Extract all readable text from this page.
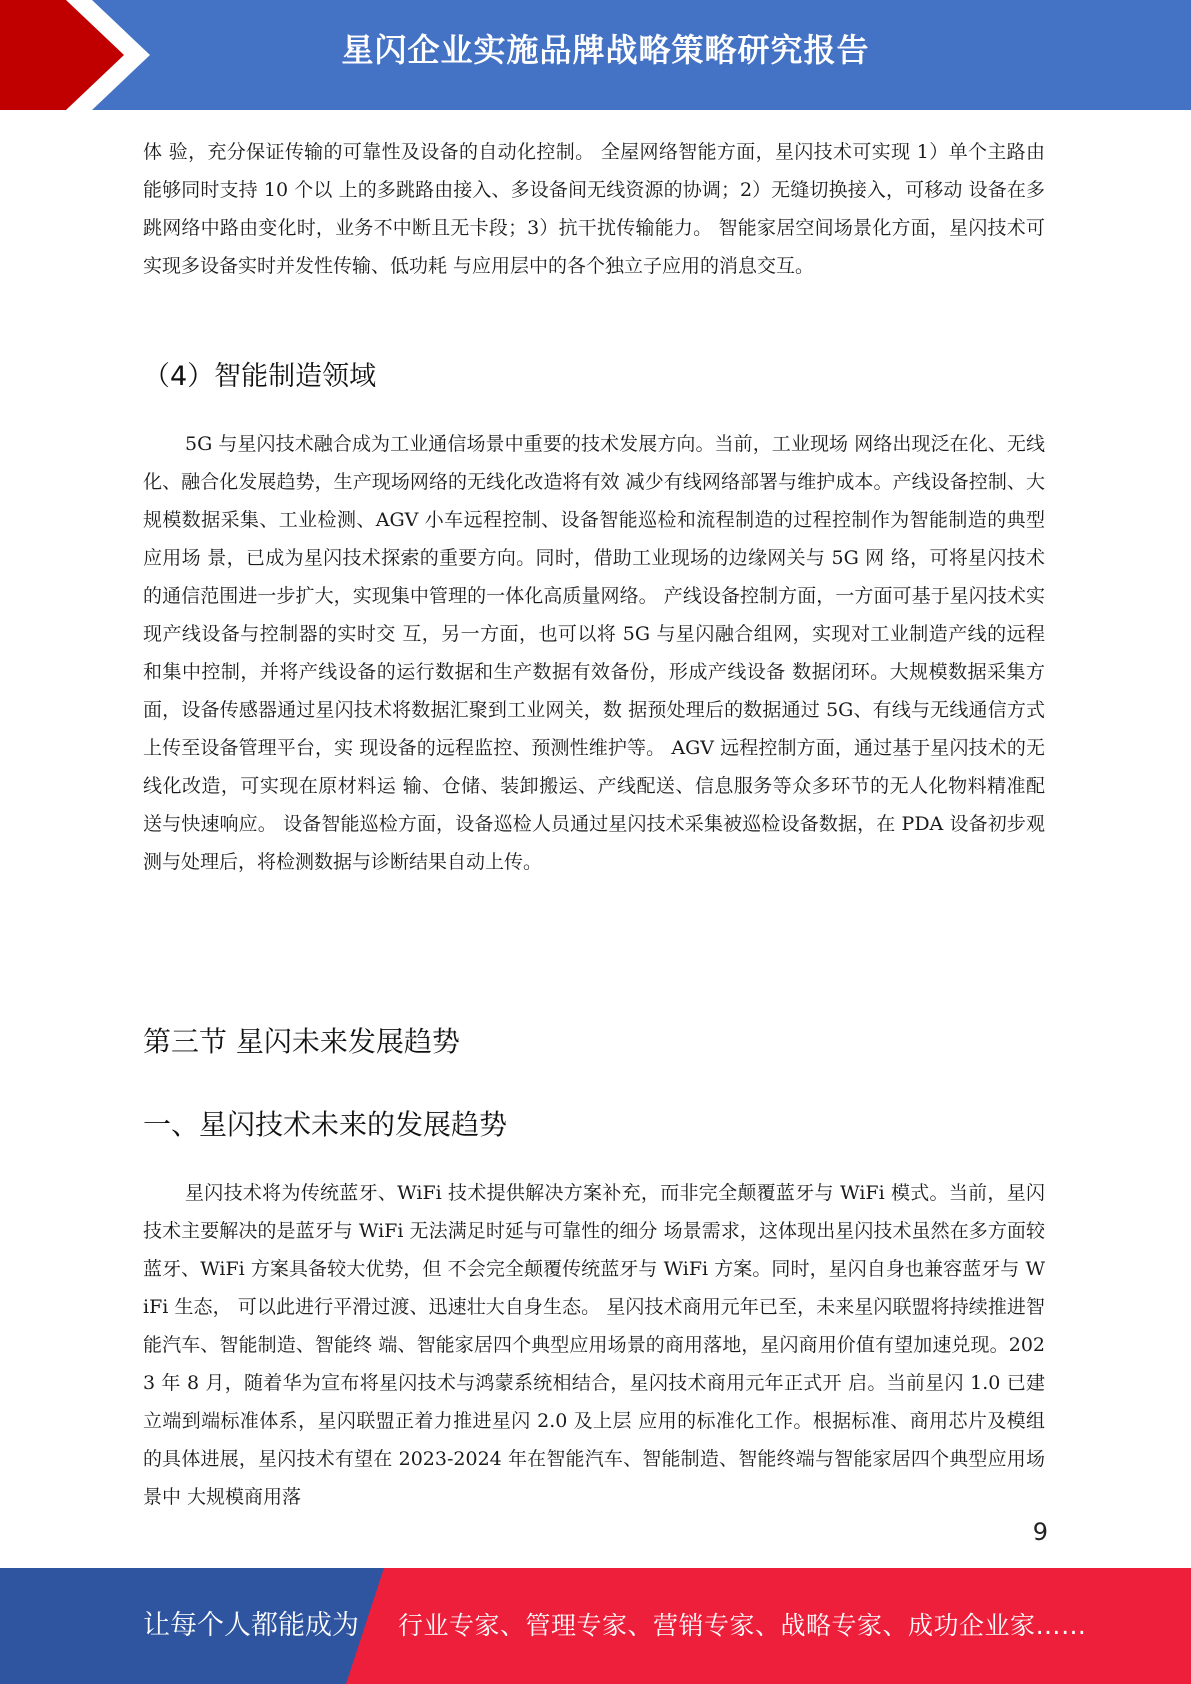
星闪企业实施品牌战略策略研究报告

体 验，充分保证传输的可靠性及设备的自动化控制。 全屋网络智能方面，星闪技术可实现 1）单个主路由能够同时支持 10 个以 上的多跳路由接入、多设备间无线资源的协调；2）无缝切换接入，可移动 设备在多跳网络中路由变化时，业务不中断且无卡段；3）抗干扰传输能力。 智能家居空间场景化方面，星闪技术可实现多设备实时并发性传输、低功耗 与应用层中的各个独立子应用的消息交互。

（4）智能制造领域

5G 与星闪技术融合成为工业通信场景中重要的技术发展方向。当前，工业现场 网络出现泛在化、无线化、融合化发展趋势，生产现场网络的无线化改造将有效 减少有线网络部署与维护成本。产线设备控制、大规模数据采集、工业检测、AGV 小车远程控制、设备智能巡检和流程制造的过程控制作为智能制造的典型应用场 景，已成为星闪技术探索的重要方向。同时，借助工业现场的边缘网关与 5G 网 络，可将星闪技术的通信范围进一步扩大，实现集中管理的一体化高质量网络。 产线设备控制方面，一方面可基于星闪技术实现产线设备与控制器的实时交 互，另一方面，也可以将 5G 与星闪融合组网，实现对工业制造产线的远程 和集中控制，并将产线设备的运行数据和生产数据有效备份，形成产线设备 数据闭环。大规模数据采集方面，设备传感器通过星闪技术将数据汇聚到工业网关，数 据预处理后的数据通过 5G、有线与无线通信方式上传至设备管理平台，实 现设备的远程监控、预测性维护等。 AGV 远程控制方面，通过基于星闪技术的无线化改造，可实现在原材料运 输、仓储、装卸搬运、产线配送、信息服务等众多环节的无人化物料精准配 送与快速响应。 设备智能巡检方面，设备巡检人员通过星闪技术采集被巡检设备数据，在 PDA 设备初步观测与处理后，将检测数据与诊断结果自动上传。

第三节 星闪未来发展趋势
一、星闪技术未来的发展趋势

星闪技术将为传统蓝牙、WiFi 技术提供解决方案补充，而非完全颠覆蓝牙与 WiFi 模式。当前，星闪技术主要解决的是蓝牙与 WiFi 无法满足时延与可靠性的细分 场景需求，这体现出星闪技术虽然在多方面较蓝牙、WiFi 方案具备较大优势，但 不会完全颠覆传统蓝牙与 WiFi 方案。同时，星闪自身也兼容蓝牙与 WiFi 生态， 可以此进行平滑过渡、迅速壮大自身生态。 星闪技术商用元年已至，未来星闪联盟将持续推进智能汽车、智能制造、智能终 端、智能家居四个典型应用场景的商用落地，星闪商用价值有望加速兑现。2023 年 8 月，随着华为宣布将星闪技术与鸿蒙系统相结合，星闪技术商用元年正式开 启。当前星闪 1.0 已建立端到端标准体系，星闪联盟正着力推进星闪 2.0 及上层 应用的标准化工作。根据标准、商用芯片及模组的具体进展，星闪技术有望在 2023-2024 年在智能汽车、智能制造、智能终端与智能家居四个典型应用场景中 大规模商用落

9
让每个人都能成为 行业专家、管理专家、营销专家、战略专家、成功企业家……
